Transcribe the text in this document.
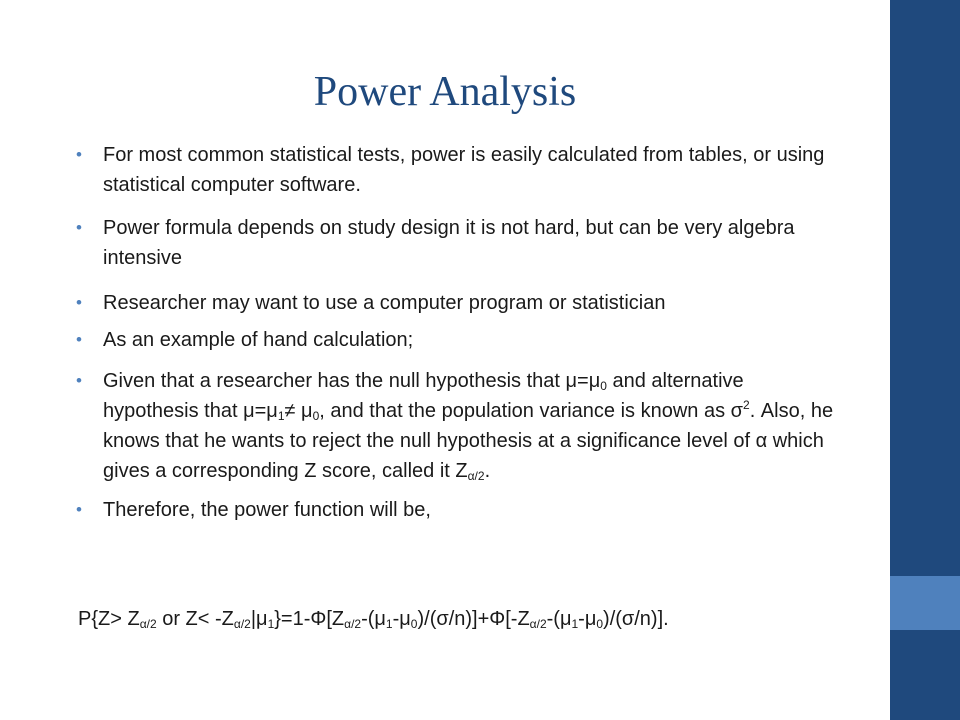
Power Analysis
• For most common statistical tests, power is easily calculated from tables, or using statistical computer software.
• Power formula depends on study design it is not hard, but can be very algebra intensive
• Researcher may want to use a computer program or statistician
• As an example of hand calculation;
• Given that a researcher has the null hypothesis that $\mu=\mu_0$ and alternative hypothesis that $\mu=\mu_1\ne \mu_0$, and that the population variance is known as $\sigma^2$. Also, he knows that he wants to reject the null hypothesis at a significance level of α which gives a corresponding Z score, called it $Z_{\alpha/2}$.
• Therefore, the power function will be,
$P\{Z> Z_{\alpha/2}$ or $Z< -Z_{\alpha/2}|\mu_1\}=1-\Phi[Z_{\alpha/2}-(\mu_1-\mu_0)/(\sigma/n)]+\Phi[-Z_{\alpha/2}-(\mu_1-\mu_0)/(\sigma/n)]$.
